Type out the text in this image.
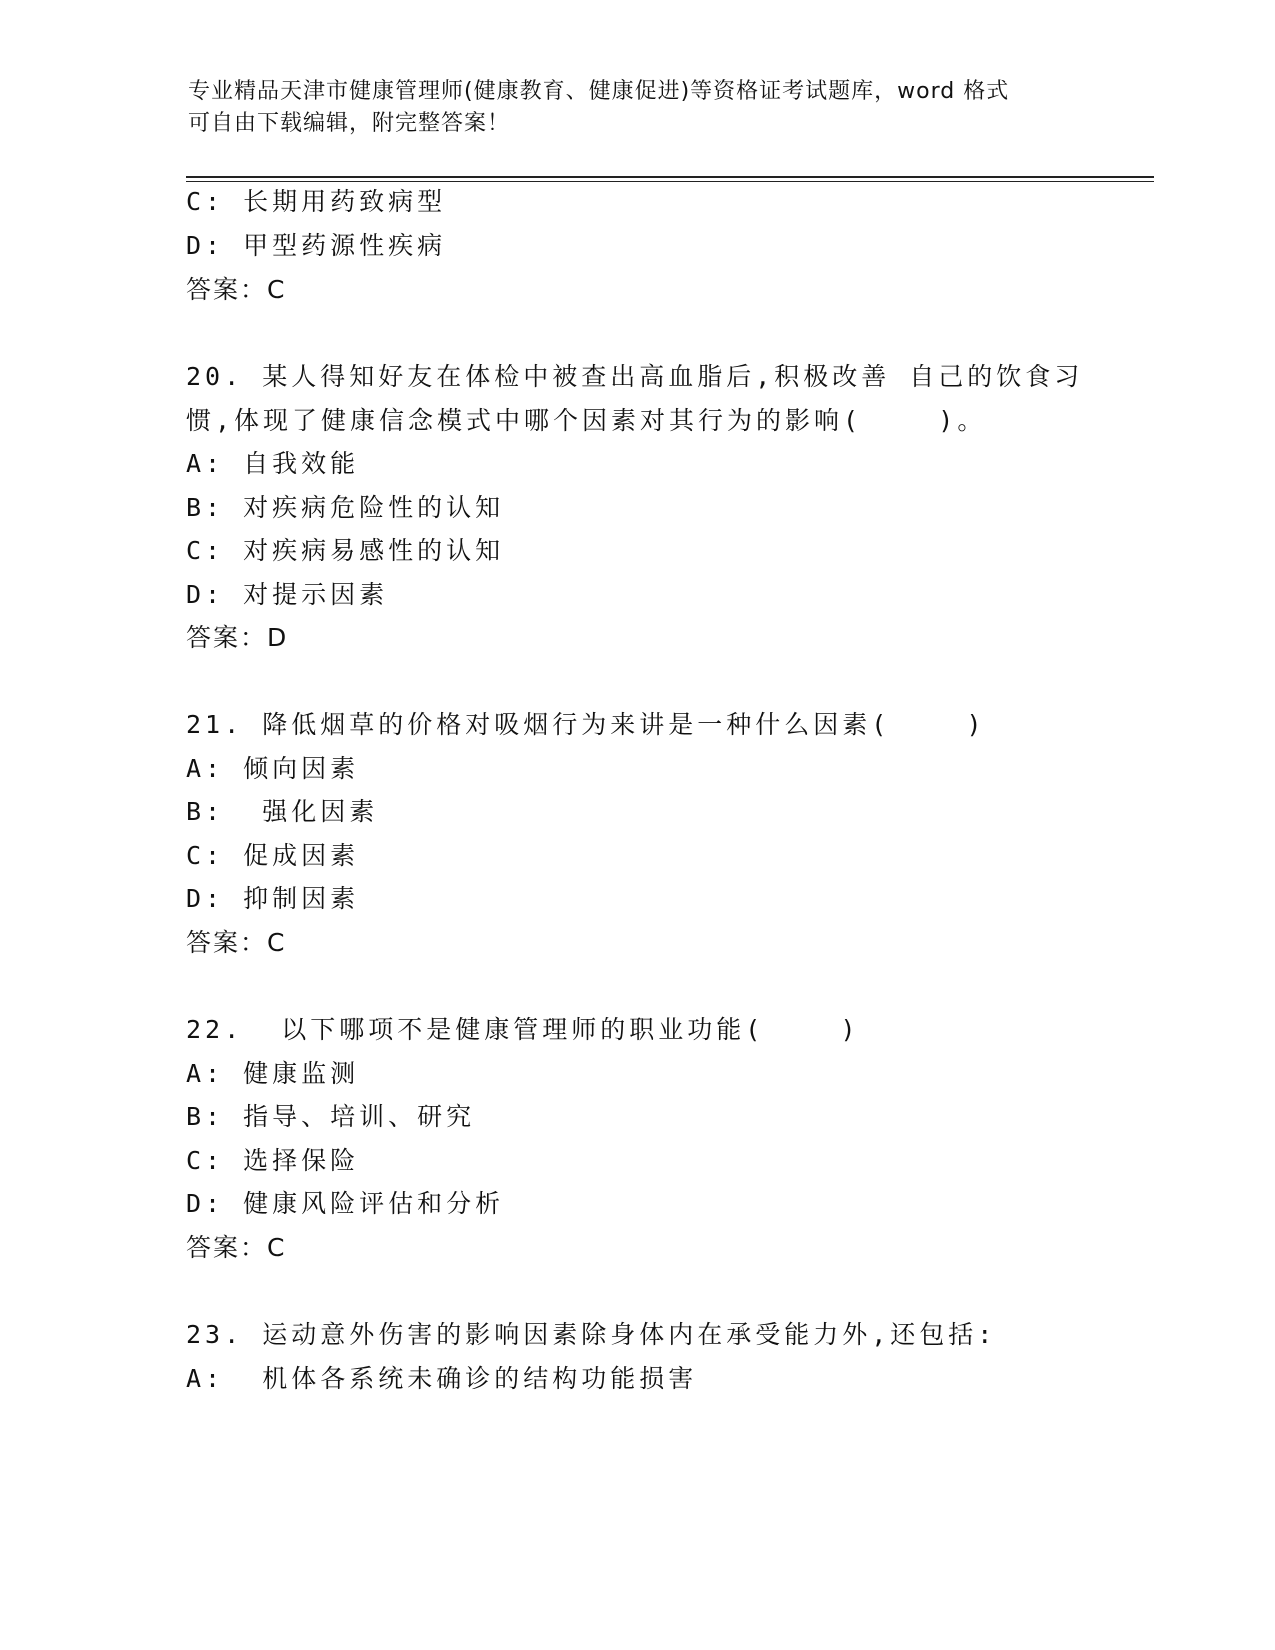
专业精品天津市健康管理师(健康教育、健康促进)等资格证考试题库，word 格式
可自由下载编辑，附完整答案！
C: 长期用药致病型
D: 甲型药源性疾病
答案：C
20. 某人得知好友在体检中被查出高血脂后,积极改善 自己的饮食习
惯,体现了健康信念模式中哪个因素对其行为的影响(    )。
A: 自我效能
B: 对疾病危险性的认知
C: 对疾病易感性的认知
D: 对提示因素
答案：D
21. 降低烟草的价格对吸烟行为来讲是一种什么因素(    )
A: 倾向因素
B:  强化因素
C: 促成因素
D: 抑制因素
答案：C
22.  以下哪项不是健康管理师的职业功能(    )
A: 健康监测
B: 指导、培训、研究
C: 选择保险
D: 健康风险评估和分析
答案：C
23. 运动意外伤害的影响因素除身体内在承受能力外,还包括:
A:  机体各系统未确诊的结构功能损害
